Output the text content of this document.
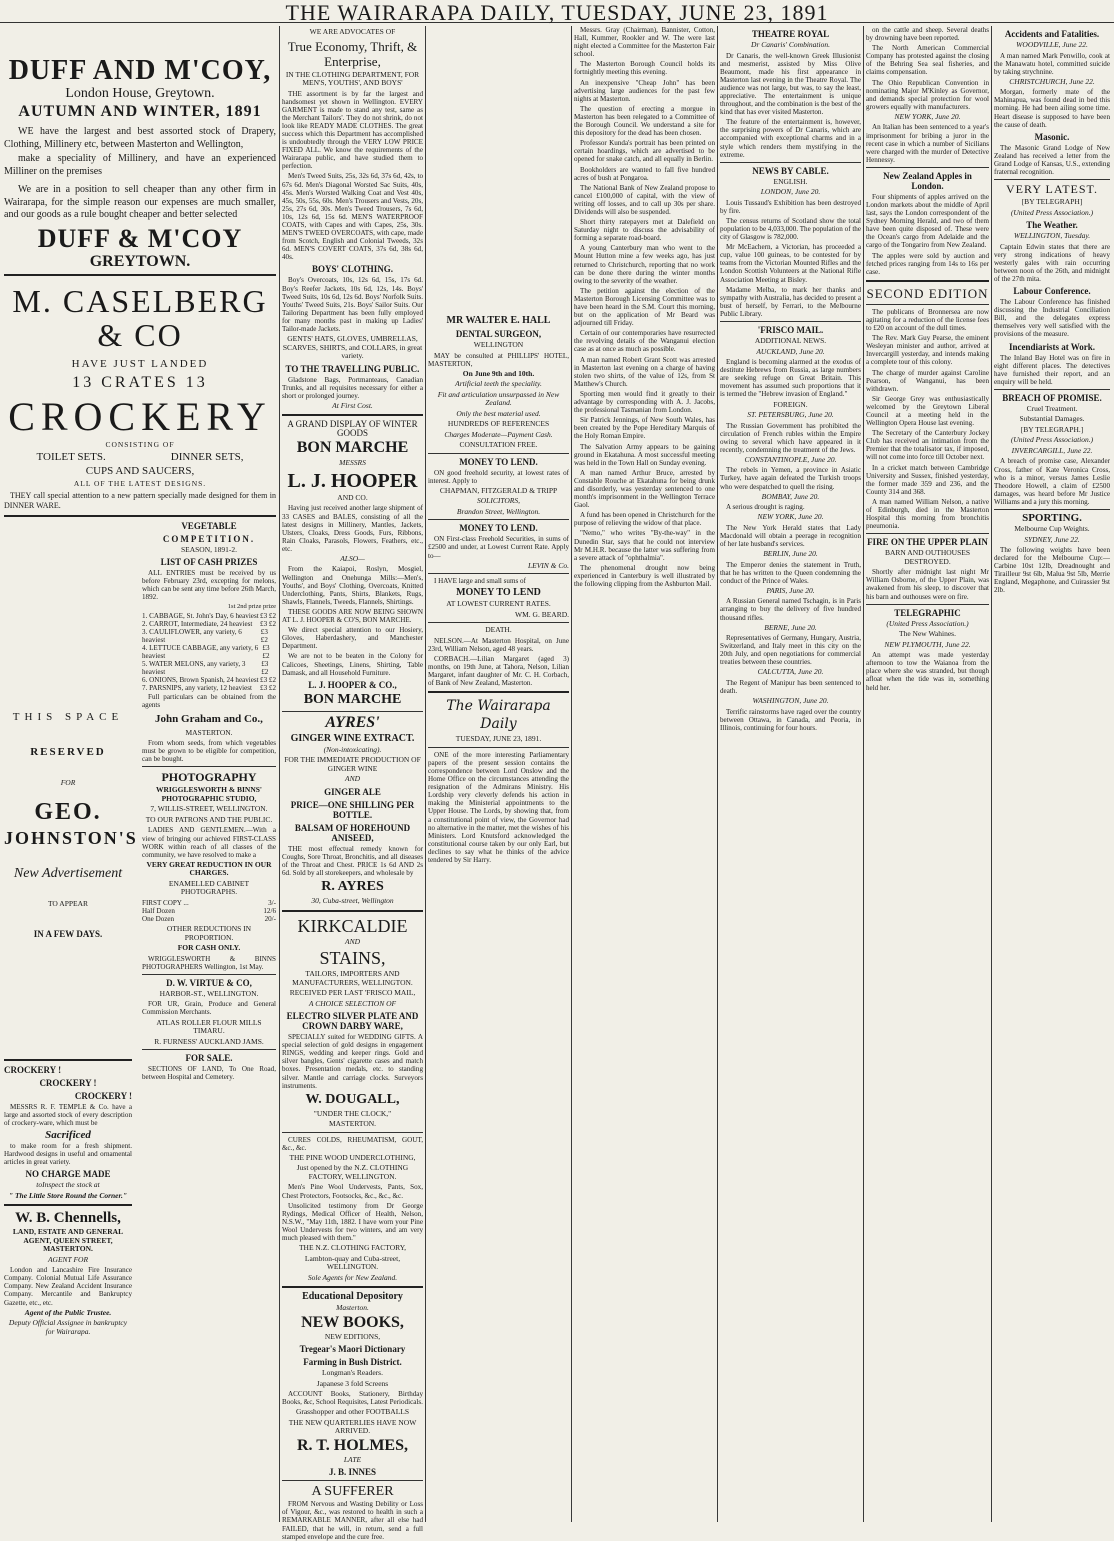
THE WAIRARAPA DAILY, TUESDAY, JUNE 23, 1891
DUFF AND M'COY,
London House, Greytown.
AUTUMN AND WINTER, 1891
WE have the largest and best assorted stock of Drapery, Clothing, Millinery etc, between Masterton and Wellington,
make a speciality of Millinery, and have an experienced Milliner on the premises
We are in a position to sell cheaper than any other firm in Wairarapa, for the simple reason our expenses are much smaller, and our goods as a rule bought cheaper and better selected
DUFF & M'COY
GREYTOWN.
M. CASELBERG & CO
HAVE JUST LANDED
13 CRATES 13
CROCKERY
CONSISTING OF
TOILET SETS.	DINNER SETS,
CUPS AND SAUCERS,
ALL OF THE LATEST DESIGNS.
THEY call special attention to a new pattern specially made designed for them in DINNER WARE.
THIS SPACE
RESERVED
FOR
GEO.
JOHNSTON'S
New Advertisement
TO APPEAR
IN A FEW DAYS.
CROCKERY !
CROCKERY !
CROCKERY !
MESSRS R. F. TEMPLE & Co. have a large and assorted stock of every description of crockery-ware, which must be
Sacrificed
to make room for a fresh shipment. Hardwood designs in useful and ornamental articles in great variety.
NO CHARGE MADE
toInspect the stock at
" The Little Store Round the Corner."
W. B. Chennells,
LAND, ESTATE AND GENERAL AGENT, QUEEN STREET, MASTERTON.
AGENT FOR
London and Lancashire Fire Insurance Company. Colonial Mutual Life Assurance Company. New Zealand Accident Insurance Company. Mercantile and Bankruptcy Gazette, etc., etc.
Agent of the Public Trustee.
Deputy Official Assignee in bankruptcy for Wairarapa.
VEGETABLE
COMPETITION.
SEASON, 1891-2.
LIST OF CASH PRIZES
ALL ENTRIES must be received by us before February 23rd, excepting for melons, which can be sent any time before 26th March, 1892.
1st 2nd prize prize
1. CABBAGE, St. John's Day, 6 heaviest £3 £2
2. CARROT, Intermediate, 24 heaviest £3 £2
3. CAULIFLOWER, any variety, 6 heaviest
£3 £2
4. LETTUCE CABBAGE, any variety, 6 heaviest
£3 £2
5. WATER MELONS, any variety, 3 heaviest
£3 £2
6. ONIONS, Brown Spanish, 24 heaviest £3 £2
7. PARSNIPS, any variety, 12 heaviest £3 £2
Full particulars can be obtained from the agents
John Graham and Co.,
MASTERTON.
From whom seeds, from which vegetables must be grown to be eligible for competition, can be bought.
PHOTOGRAPHY
WRIGGLESWORTH & BINNS' PHOTOGRAPHIC STUDIO,
7, WILLIS-STREET, WELLINGTON.
TO OUR PATRONS AND THE PUBLIC.
LADIES AND GENTLEMEN.—With a view of bringing our achieved FIRST-CLASS WORK within reach of all classes of the community, we have resolved to make a
VERY GREAT REDUCTION IN OUR CHARGES.
ENAMELLED CABINET PHOTOGRAPHS.
FIRST COPY ...	3/-
Half Dozen	12/6
One Dozen	20/-
OTHER REDUCTIONS IN PROPORTION.
FOR CASH ONLY.
WRIGGLESWORTH & BINNS PHOTOGRAPHERS Wellington, 1st May.
D. W. VIRTUE & CO,
HARBOR-ST., WELLINGTON.
FOR UR, Grain, Produce and General Commission Merchants.
ATLAS ROLLER FLOUR MILLS TIMARU.
R. FURNESS' AUCKLAND JAMS.
FOR SALE.
SECTIONS OF LAND, To One Road, between Hospital and Cemetery.
WE ARE ADVOCATES OF
True Economy, Thrift, & Enterprise,
IN THE CLOTHING DEPARTMENT, FOR MEN'S, YOUTHS', AND BOYS'
THE assortment is by far the largest and handsomest yet shown in Wellington. EVERY GARMENT is made to stand any test, same as the Merchant Tailors'. They do not shrink, do not look like READY MADE CLOTHES. The great success which this Department has accomplished is undoubtedly through the VERY LOW PRICE FIXED ALL. We know the requirements of the Wairarapa public, and have studied them to perfection.
Men's Tweed Suits, 25s, 32s 6d, 37s 6d, 42s, to 67s 6d. Men's Diagonal Worsted Sac Suits, 40s, 45s. Men's Worsted Walking Coat and Vest 40s, 45s, 50s, 55s, 60s. Men's Trousers and Vests, 20s, 25s, 27s 6d, 30s. Men's Tweed Trousers, 7s 6d, 10s, 12s 6d, 15s 6d. MEN'S WATERPROOF COATS, with Capes and with Capes, 25s, 30s. MEN'S TWEED OVERCOATS, with cape, made from Scotch, English and Colonial Tweeds, 32s 6d. MEN'S COVERT COATS, 37s 6d, 38s 6d, 40s.
BOYS' CLOTHING.
Boy's Overcoats, 10s, 12s 6d, 15s, 17s 6d. Boy's Reefer Jackets, 10s 6d, 12s, 14s. Boys' Tweed Suits, 10s 6d, 12s 6d. Boys' Norfolk Suits. Youths' Tweed Suits, 21s. Boys' Sailor Suits. Our Tailoring Department has been fully employed for many months past in making up Ladies' Tailor-made Jackets.
GENTS' HATS, GLOVES, UMBRELLAS, SCARVES, SHIRTS, and COLLARS, in great variety.
TO THE TRAVELLING PUBLIC.
Gladstone Bags, Portmanteaus, Canadian Trunks, and all requisites necessary for either a short or prolonged journey.
At First Cost.
A GRAND DISPLAY OF WINTER GOODS
BON MARCHE
MESSRS
L. J. HOOPER
AND CO.
Having just received another large shipment of 33 CASES and BALES, consisting of all the latest designs in Millinery, Mantles, Jackets, Ulsters, Cloaks, Dress Goods, Furs, Ribbons, Rain Cloaks, Parasols, Flowers, Feathers, etc., etc.
ALSO—
From the Kaiapoi, Roslyn, Mosgiel, Wellington and Onehunga Mills:—Men's, Youths', and Boys' Clothing, Overcoats, Knitted Underclothing, Pants, Shirts, Blankets, Rugs, Shawls, Flannels, Tweeds, Flannels, Shirtings.
THESE GOODS ARE NOW BEING SHOWN AT L. J. HOOPER & CO'S, BON MARCHE.
We direct special attention to our Hosiery, Gloves, Haberdashery, and Manchester Department.
We are not to be beaten in the Colony for Calicoes, Sheetings, Linens, Shirting, Table Damask, and all Household Furniture.
L. J. HOOPER & CO.,
BON MARCHE
AYRES'
GINGER WINE EXTRACT.
(Non-intoxicating).
FOR THE IMMEDIATE PRODUCTION OF GINGER WINE
AND
GINGER ALE
PRICE—ONE SHILLING PER BOTTLE.
BALSAM OF HOREHOUND ANISEED,
THE most effectual remedy known for Coughs, Sore Throat, Bronchitis, and all diseases of the Throat and Chest. PRICE 1s 6d AND 2s 6d. Sold by all storekeepers, and wholesale by
R. AYRES
30, Cuba-street, Wellington
KIRKCALDIE
AND
STAINS,
TAILORS, IMPORTERS AND MANUFACTURERS, WELLINGTON.
RECEIVED PER LAST 'FRISCO MAIL,
A CHOICE SELECTION OF
ELECTRO SILVER PLATE AND CROWN DARBY WARE,
SPECIALLY suited for WEDDING GIFTS. A special selection of gold designs in engagement RINGS, wedding and keeper rings. Gold and silver bangles, Gents' cigarette cases and match boxes. Presentation medals, etc. to standing silver. Mantle and carriage clocks. Surveyors instruments.
W. DOUGALL,
"UNDER THE CLOCK,"
MASTERTON.
CURES COLDS, RHEUMATISM, GOUT, &c., &c.
THE PINE WOOD UNDERCLOTHING,
Just opened by the N.Z. CLOTHING FACTORY, WELLINGTON.
Men's Pine Wool Undervests, Pants, Sox, Chest Protectors, Footsocks, &c., &c., &c.
Unsolicited testimony from Dr George Rydings, Medical Officer of Health, Nelson, N.S.W., "May 11th, 1882. I have worn your Pine Wool Undervests for two winters, and am very much pleased with them."
THE N.Z. CLOTHING FACTORY,
Lambton-quay and Cuba-street, WELLINGTON.
Sole Agents for New Zealand.
Educational Depository
Masterton.
NEW BOOKS,
NEW EDITIONS,
Tregear's Maori Dictionary
Farming in Bush District.
Longman's Readers.
Japanese 3 fold Screens
ACCOUNT Books, Stationery, Birthday Books, &c, School Requisites, Latest Periodicals.
Grasshopper and other FOOTBALLS
THE NEW QUARTERLIES HAVE NOW ARRIVED.
R. T. HOLMES,
LATE
J. B. INNES
A SUFFERER
FROM Nervous and Wasting Debility or Loss of Vigour, &c., was restored to health in such a REMARKABLE MANNER, after all else had FAILED, that he will, in return, send a full stamped envelope and the cure free.
MR WALTER E. HALL
DENTAL SURGEON,
WELLINGTON
MAY be consulted at PHILLIPS' HOTEL, MASTERTON,
On June 9th and 10th.
Artificial teeth the speciality.
Fit and articulation unsurpassed in New Zealand.
Only the best material used.
HUNDREDS OF REFERENCES
Charges Moderate—Payment Cash.
CONSULTATION FREE.
MONEY TO LEND.
ON good freehold security, at lowest rates of interest. Apply to
CHAPMAN, FITZGERALD & TRIPP
SOLICITORS,
Brandon Street, Wellington.
MONEY TO LEND.
ON First-class Freehold Securities, in sums of £2500 and under, at Lowest Current Rate. Apply to—
LEVIN & Co.
I HAVE large and small sums of
MONEY TO LEND
AT LOWEST CURRENT RATES.
WM. G. BEARD.
DEATH.
NELSON.—At Masterton Hospital, on June 23rd, William Nelson, aged 48 years.
CORBACH.—Lilian Margaret (aged 3) months, on 19th June, at Tahora, Nelson, Lilian Margaret, infant daughter of Mr. C. H. Corbach, of Bank of New Zealand, Masterton.
The Wairarapa Daily
TUESDAY, JUNE 23, 1891.
ONE of the more interesting Parliamentary papers of the present session contains the correspondence between Lord Onslow and the Home Office on the circumstances attending the resignation of the Admirans Ministry. His Lordship very cleverly defends his action in making the Ministerial appointments to the Upper House. The Lords, by showing that, from a constitutional point of view, the Governor had no alternative in the matter, met the wishes of his Ministers. Lord Knutsford acknowledged the constitutional course taken by our only Earl, but declines to say what he thinks of the advice tendered by Sir Harry.
Messrs. Gray (Chairman), Bannister, Cotton, Hall, Kummer, Rookler and W. The were last night elected a Committee for the Masterton Fair school.
The Masterton Borough Council holds its fortnightly meeting this evening.
An inexpensive "Cheap John" has been advertising large audiences for the past few nights at Masterton.
The question of erecting a morgue in Masterton has been relegated to a Committee of the Borough Council. We understand a site for this depository for the dead has been chosen.
Professor Kunda's portrait has been printed on certain hoardings, which are advertised to be opened for snake catch, and all equally in Berlin.
Bookholders are wanted to fall five hundred acres of bush at Pongaroa.
The National Bank of New Zealand propose to cancel £100,000 of capital, with the view of writing off losses, and to call up 30s per share. Dividends will also be suspended.
Short thirty ratepayers met at Dalefield on Saturday night to discuss the advisability of forming a separate road-board.
A young Canterbury man who went to the Mount Hutton mine a few weeks ago, has just returned to Christchurch, reporting that no work can be done there during the winter months owing to the severity of the weather.
The petition against the election of the Masterton Borough Licensing Committee was to have been heard in the S.M. Court this morning, but on the application of Mr Beard was adjourned till Friday.
Certain of our contemporaries have resurrected the revolving details of the Wanganui election case as at once as much as possible.
A man named Robert Grant Scott was arrested in Masterton last evening on a charge of having stolen two shirts, of the value of 12s, from St Matthew's Church.
Sporting men would find it greatly to their advantage by corresponding with A. J. Jacobs, the professional Tasmanian from London.
Sir Patrick Jennings, of New South Wales, has been created by the Pope Hereditary Marquis of the Holy Roman Empire.
The Salvation Army appears to be gaining ground in Ekatahuna. A most successful meeting was held in the Town Hall on Sunday evening.
A man named Arthur Bruce, arrested by Constable Rouche at Ekatahuna for being drunk and disorderly, was yesterday sentenced to one month's imprisonment in the Wellington Terrace Gaol.
A fund has been opened in Christchurch for the purpose of relieving the widow of that place.
"Nemo," who writes "By-the-way" in the Dunedin Star, says that he could not interview Mr M.H.R. because the latter was suffering from a severe attack of "ophthalmia".
The phenomenal drought now being experienced in Canterbury is well illustrated by the following clipping from the Ashburton Mail.
THEATRE ROYAL
Dr Canaris' Combination.
Dr Canaris, the well-known Greek Illusionist and mesmerist, assisted by Miss Olive Beaumont, made his first appearance in Masterton last evening in the Theatre Royal. The audience was not large, but was, to say the least, appreciative. The entertainment is unique throughout, and the combination is the best of the kind that has ever visited Masterton.
The feature of the entertainment is, however, the surprising powers of Dr Canaris, which are accompanied with exceptional charms and in a style which renders them mystifying in the extreme.
NEWS BY CABLE.
ENGLISH.
LONDON, June 20.
Louis Tussaud's Exhibition has been destroyed by fire.
The census returns of Scotland show the total population to be 4,033,000. The population of the city of Glasgow is 782,000.
Mr McEachern, a Victorian, has proceeded a cup, value 100 guineas, to be contested for by teams from the Victorian Mounted Rifles and the London Scottish Volunteers at the National Rifle Association Meeting at Bisley.
Madame Melba, to mark her thanks and sympathy with Australia, has decided to present a bust of herself, by Ferrari, to the Melbourne Public Library.
'FRISCO MAIL.
ADDITIONAL NEWS.
AUCKLAND, June 20.
England is becoming alarmed at the exodus of destitute Hebrews from Russia, as large numbers are seeking refuge on Great Britain. This movement has assumed such proportions that it is termed the "Hebrew invasion of England."
FOREIGN.
ST. PETERSBURG, June 20.
The Russian Government has prohibited the circulation of French rubles within the Empire owing to several which have appeared in it recently, condemning the treatment of the Jews.
CONSTANTINOPLE, June 20.
The rebels in Yemen, a province in Asiatic Turkey, have again defeated the Turkish troops who were despatched to quell the rising.
BOMBAY, June 20.
A serious drought is raging.
NEW YORK, June 20.
The New York Herald states that Lady Macdonald will obtain a peerage in recognition of her late husband's services.
BERLIN, June 20.
The Emperor denies the statement in Truth, that he has written to the Queen condemning the conduct of the Prince of Wales.
PARIS, June 20.
A Russian General named Tschagin, is in Paris arranging to buy the delivery of five hundred thousand rifles.
BERNE, June 20.
Representatives of Germany, Hungary, Austria, Switzerland, and Italy meet in this city on the 20th July, and open negotiations for commercial treaties between these countries.
CALCUTTA, June 20.
The Regent of Manipur has been sentenced to death.
WASHINGTON, June 20.
Terrific rainstorms have raged over the country between Ottawa, in Canada, and Peoria, in Illinois, continuing for four hours.
on the cattle and sheep. Several deaths by drowning have been reported.
The North American Commercial Company has protested against the closing of the Behring Sea seal fisheries, and claims compensation.
The Ohio Republican Convention in nominating Major M'Kinley as Governor, and demands special protection for wool growers equally with manufacturers.
NEW YORK, June 20.
An Italian has been sentenced to a year's imprisonment for bribing a juror in the recent case in which a number of Sicilians were charged with the murder of Detective Hennessy.
New Zealand Apples in London.
Four shipments of apples arrived on the London markets about the middle of April last, says the London correspondent of the Sydney Morning Herald, and two of them have been quite disposed of. These were the Ocean's cargo from Adelaide and the cargo of the Tongariro from New Zealand.
The apples were sold by auction and fetched prices ranging from 14s to 16s per case.
SECOND EDITION
The publicans of Bronnersea are now agitating for a reduction of the license fees to £20 on account of the dull times.
The Rev. Mark Guy Pearse, the eminent Wesleyan minister and author, arrived at Invercargill yesterday, and intends making a complete tour of this colony.
The charge of murder against Caroline Pearson, of Wanganui, has been withdrawn.
Sir George Grey was enthusiastically welcomed by the Greytown Liberal Council at a meeting held in the Wellington Opera House last evening.
The Secretary of the Canterbury Jockey Club has received an intimation from the Premier that the totalisator tax, if imposed, will not come into force till October next.
In a cricket match between Cambridge University and Sussex, finished yesterday, the former made 359 and 236, and the County 314 and 368.
A man named William Nelson, a native of Edinburgh, died in the Masterton Hospital this morning from bronchitis pneumonia.
FIRE ON THE UPPER PLAIN
BARN AND OUTHOUSES DESTROYED.
Shortly after midnight last night Mr William Osborne, of the Upper Plain, was awakened from his sleep, to discover that his barn and outhouses were on fire.
TELEGRAPHIC
(United Press Association.)
The New Wahines.
NEW PLYMOUTH, June 22.
An attempt was made yesterday afternoon to tow the Waianoa from the place where she was stranded, but though afloat when the tide was in, something held her.
Accidents and Fatalities.
WOODVILLE, June 22.
A man named Mark Penwillo, cook at the Manawatu hotel, committed suicide by taking strychnine.
CHRISTCHURCH, June 22.
Morgan, formerly mate of the Mahinapua, was found dead in bed this morning. He had been ailing some time. Heart disease is supposed to have been the cause of death.
Masonic.
The Masonic Grand Lodge of New Zealand has received a letter from the Grand Lodge of Kansas, U.S., extending fraternal recognition.
VERY LATEST.
[BY TELEGRAPH]
(United Press Association.)
The Weather.
WELLINGTON, Tuesday.
Captain Edwin states that there are very strong indications of heavy westerly gales with rain occurring between noon of the 26th, and midnight of the 27th mita.
Labour Conference.
The Labour Conference has finished discussing the Industrial Conciliation Bill, and the delegates express themselves very well satisfied with the provisions of the measure.
Incendiarists at Work.
The Inland Bay Hotel was on fire in eight different places. The detectives have furnished their report, and an enquiry will be held.
BREACH OF PROMISE.
Cruel Treatment.
Substantial Damages.
[BY TELEGRAPH.]
(United Press Association.)
INVERCARGILL, June 22.
A breach of promise case, Alexander Cross, father of Kate Veronica Cross, who is a minor, versus James Leslie Theodore Howell, a claim of £2500 damages, was heard before Mr Justice Williams and a jury this morning.
SPORTING.
Melbourne Cup Weights.
SYDNEY, June 22.
The following weights have been declared for the Melbourne Cup:—Carbine 10st 12lb, Dreadnought and Tirailleur 9st 6lb, Malua 9st 5lb, Merrie England, Megaphone, and Cuirassier 9st 2lb.
